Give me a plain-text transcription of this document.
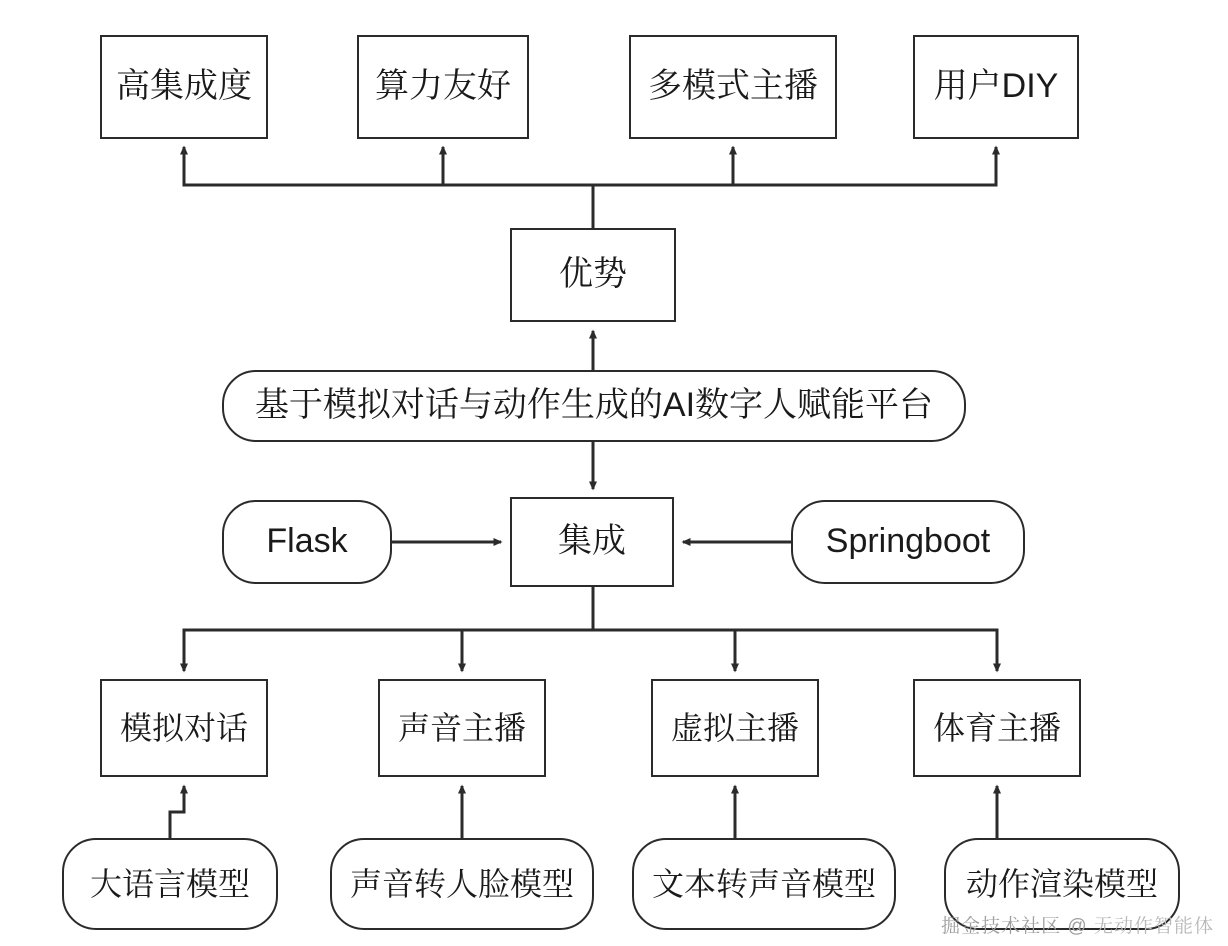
高集成度	算力友好	多模式主播	用户DIY
优势
基于模拟对话与动作生成的AI数字人赋能平台
Flask	集成	Springboot
模拟对话	声音主播	虚拟主播	体育主播
大语言模型	声音转人脸模型	文本转声音模型	动作渲染模型
掘金技术社区 @ 无动作智能体
